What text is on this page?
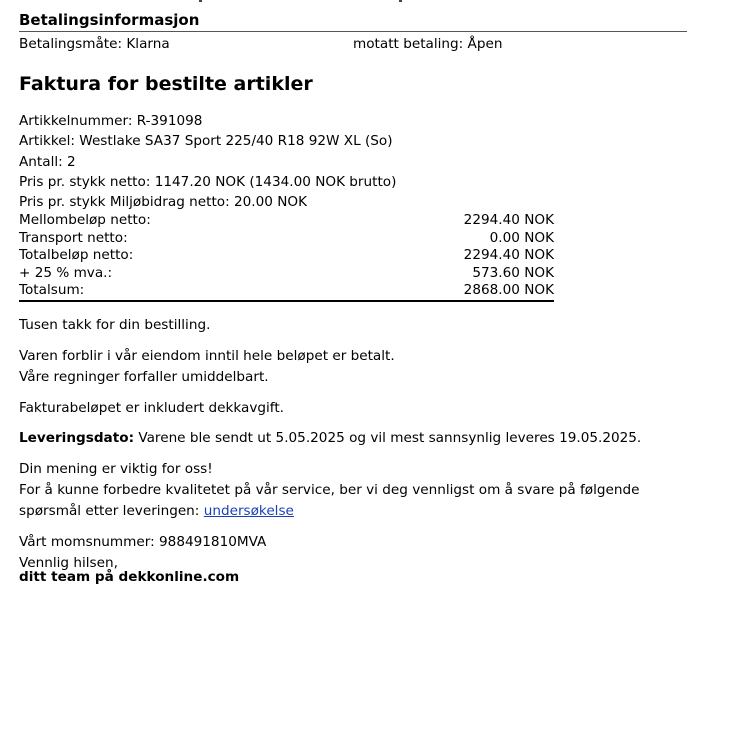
Betalingsinformasjon
Betalingsmåte: Klarna	motatt betaling: Åpen
Faktura for bestilte artikler
Artikkelnummer: R-391098
Artikkel: Westlake SA37 Sport 225/40 R18 92W XL (So)
Antall: 2
Pris pr. stykk netto: 1147.20 NOK (1434.00 NOK brutto)
Pris pr. stykk Miljøbidrag netto: 20.00 NOK
Mellombeløp netto:	2294.40 NOK
Transport netto:	0.00 NOK
Totalbeløp netto:	2294.40 NOK
+ 25 % mva.:	573.60 NOK
Totalsum:	2868.00 NOK
Tusen takk for din bestilling.
Varen forblir i vår eiendom inntil hele beløpet er betalt.
Våre regninger forfaller umiddelbart.
Fakturabeløpet er inkludert dekkavgift.
Leveringsdato: Varene ble sendt ut 5.05.2025 og vil mest sannsynlig leveres 19.05.2025.
Din mening er viktig for oss!
For å kunne forbedre kvalitetet på vår service, ber vi deg vennligst om å svare på følgende
spørsmål etter leveringen: undersøkelse
Vårt momsnummer: 988491810MVA
Vennlig hilsen,
ditt team på dekkonline.com
